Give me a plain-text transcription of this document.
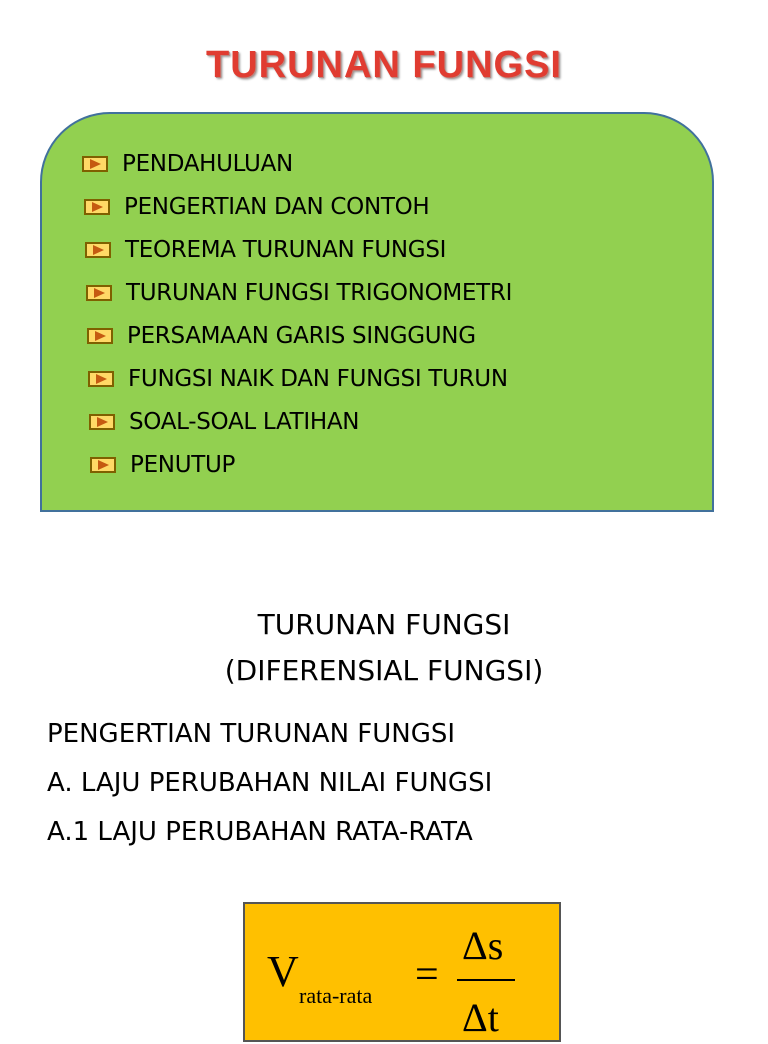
TURUNAN FUNGSI
PENDAHULUAN
PENGERTIAN DAN CONTOH
TEOREMA TURUNAN FUNGSI
TURUNAN FUNGSI TRIGONOMETRI
PERSAMAAN GARIS SINGGUNG
FUNGSI NAIK DAN FUNGSI TURUN
SOAL-SOAL LATIHAN
PENUTUP
TURUNAN FUNGSI
(DIFERENSIAL FUNGSI)
PENGERTIAN TURUNAN FUNGSI
A. LAJU PERUBAHAN NILAI FUNGSI
A.1 LAJU PERUBAHAN RATA-RATA
V rata-rata =
Δs
Δt
